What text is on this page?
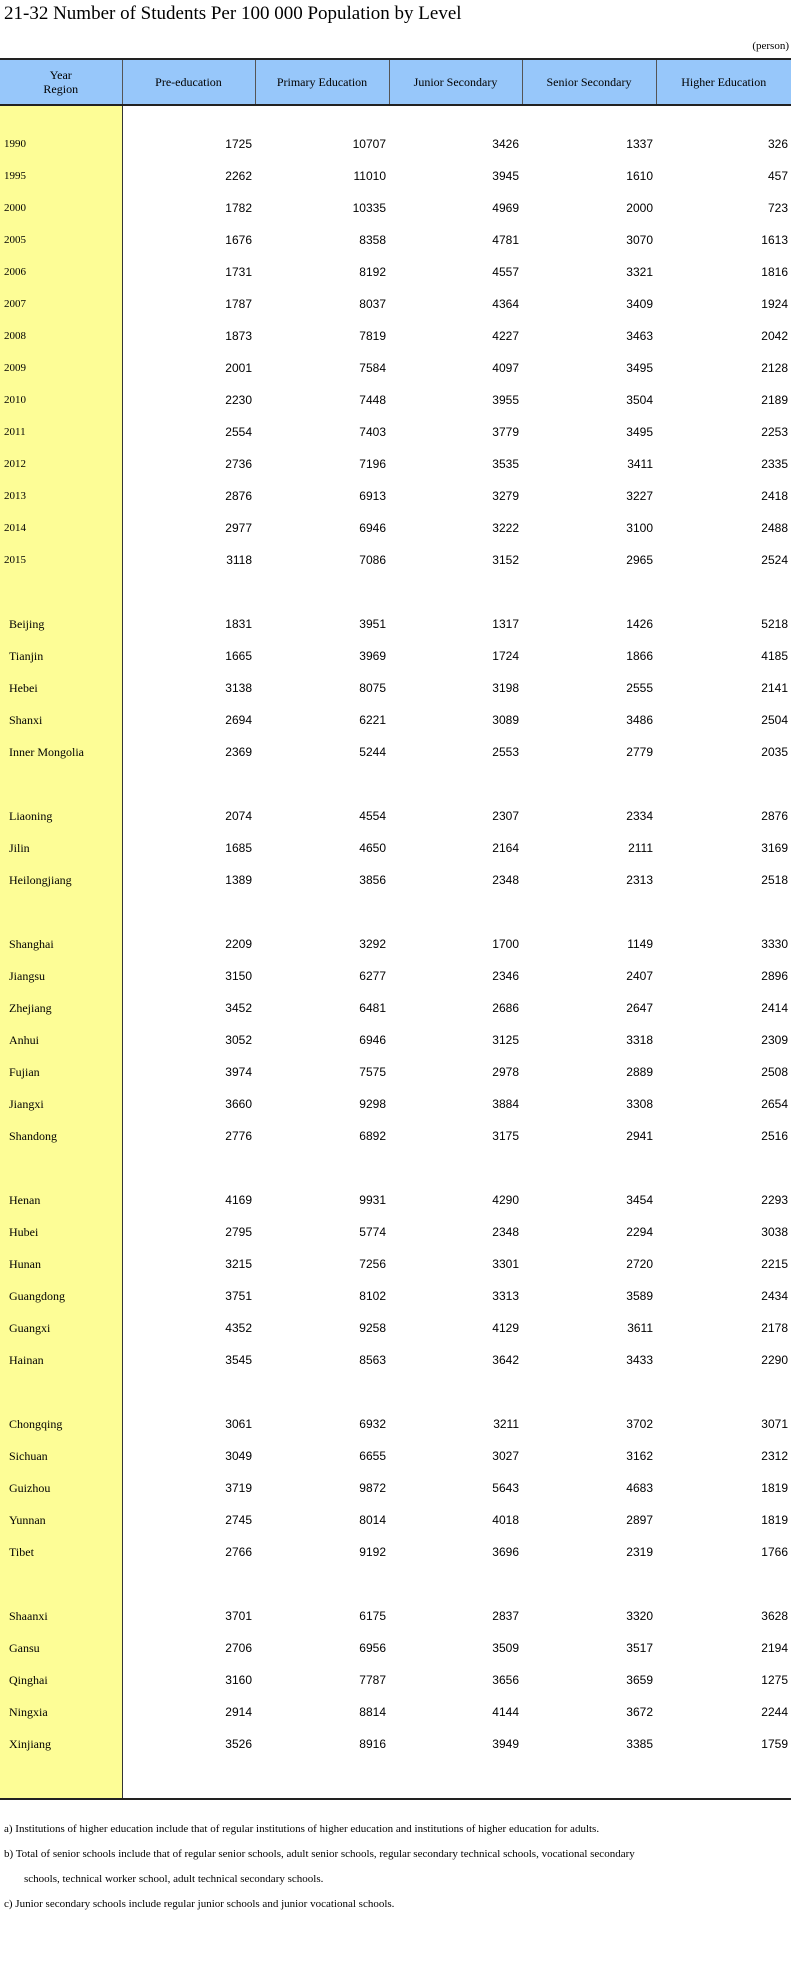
21-32 Number of Students Per 100 000 Population by Level
(person)
Year
Region	Pre-education	Primary Education	Junior Secondary	Senior Secondary	Higher Education

1990	1725	10707	3426	1337	326
1995	2262	11010	3945	1610	457
2000	1782	10335	4969	2000	723
2005	1676	8358	4781	3070	1613
2006	1731	8192	4557	3321	1816
2007	1787	8037	4364	3409	1924
2008	1873	7819	4227	3463	2042
2009	2001	7584	4097	3495	2128
2010	2230	7448	3955	3504	2189
2011	2554	7403	3779	3495	2253
2012	2736	7196	3535	3411	2335
2013	2876	6913	3279	3227	2418
2014	2977	6946	3222	3100	2488
2015	3118	7086	3152	2965	2524

Beijing	1831	3951	1317	1426	5218
Tianjin	1665	3969	1724	1866	4185
Hebei	3138	8075	3198	2555	2141
Shanxi	2694	6221	3089	3486	2504
Inner Mongolia	2369	5244	2553	2779	2035

Liaoning	2074	4554	2307	2334	2876
Jilin	1685	4650	2164	2111	3169
Heilongjiang	1389	3856	2348	2313	2518

Shanghai	2209	3292	1700	1149	3330
Jiangsu	3150	6277	2346	2407	2896
Zhejiang	3452	6481	2686	2647	2414
Anhui	3052	6946	3125	3318	2309
Fujian	3974	7575	2978	2889	2508
Jiangxi	3660	9298	3884	3308	2654
Shandong	2776	6892	3175	2941	2516

Henan	4169	9931	4290	3454	2293
Hubei	2795	5774	2348	2294	3038
Hunan	3215	7256	3301	2720	2215
Guangdong	3751	8102	3313	3589	2434
Guangxi	4352	9258	4129	3611	2178
Hainan	3545	8563	3642	3433	2290

Chongqing	3061	6932	3211	3702	3071
Sichuan	3049	6655	3027	3162	2312
Guizhou	3719	9872	5643	4683	1819
Yunnan	2745	8014	4018	2897	1819
Tibet	2766	9192	3696	2319	1766

Shaanxi	3701	6175	2837	3320	3628
Gansu	2706	6956	3509	3517	2194
Qinghai	3160	7787	3656	3659	1275
Ningxia	2914	8814	4144	3672	2244
Xinjiang	3526	8916	3949	3385	1759

a) Institutions of higher education include that of regular institutions of higher education and institutions of higher education for adults.

b) Total of senior schools include that of regular senior schools, adult senior schools, regular secondary technical schools, vocational secondary

schools, technical worker school, adult technical secondary schools.

c) Junior secondary schools include regular junior schools and junior vocational schools.
